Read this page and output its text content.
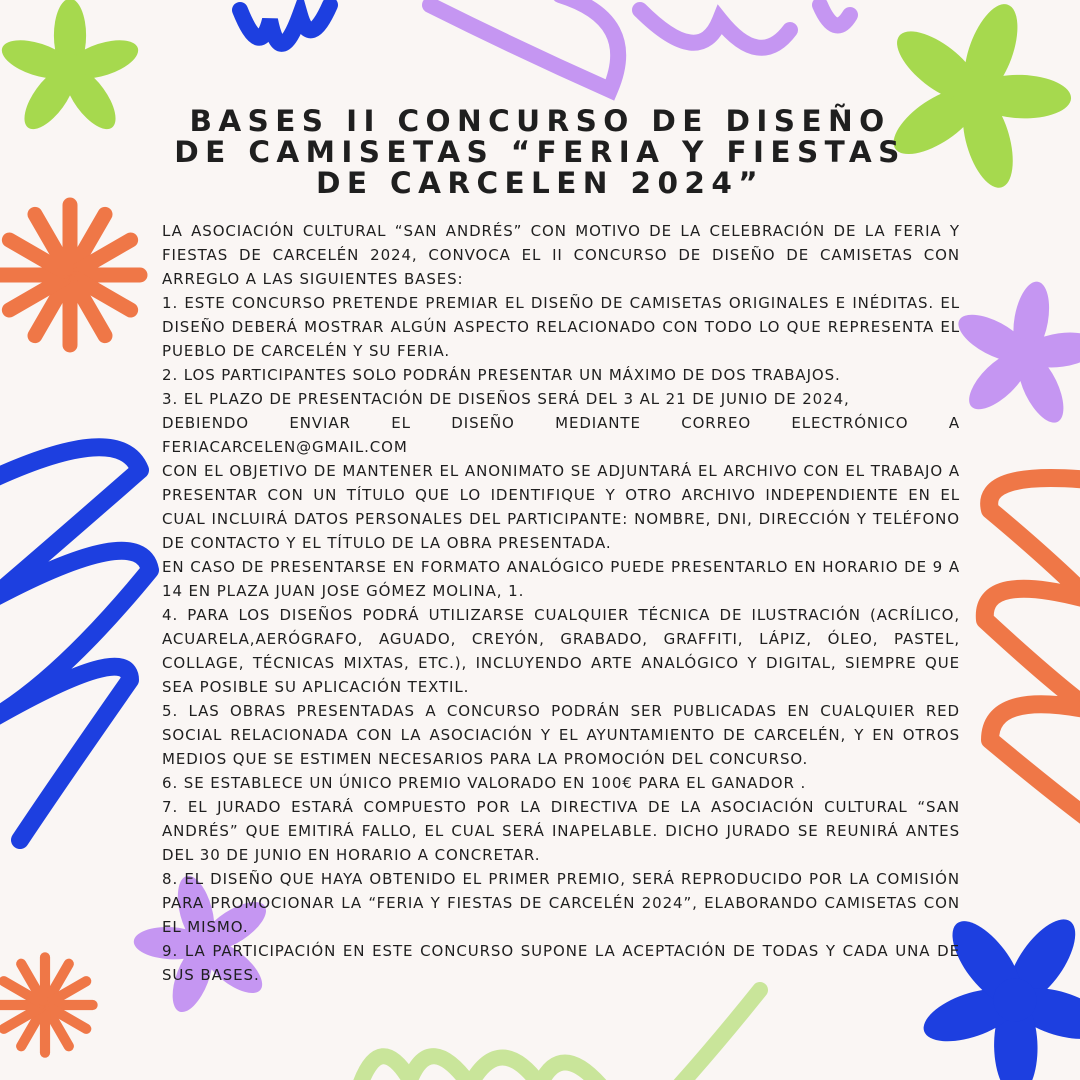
BASES II CONCURSO DE DISEÑO
DE CAMISETAS “FERIA Y FIESTAS
DE CARCELEN 2024”

LA ASOCIACIÓN CULTURAL “SAN ANDRÉS” CON MOTIVO DE LA CELEBRACIÓN DE LA FERIA Y FIESTAS DE CARCELÉN 2024, CONVOCA EL II CONCURSO DE DISEÑO DE CAMISETAS CON ARREGLO A LAS SIGUIENTES BASES:

1. ESTE CONCURSO PRETENDE PREMIAR EL DISEÑO DE CAMISETAS ORIGINALES E INÉDITAS. EL DISEÑO DEBERÁ MOSTRAR ALGÚN ASPECTO RELACIONADO CON TODO LO QUE REPRESENTA EL PUEBLO DE CARCELÉN Y SU FERIA.

2. LOS PARTICIPANTES SOLO PODRÁN PRESENTAR UN MÁXIMO DE DOS TRABAJOS.

3. EL PLAZO DE PRESENTACIÓN DE DISEÑOS SERÁ DEL 3 AL 21 DE JUNIO DE 2024,

DEBIENDO ENVIAR EL DISEÑO MEDIANTE CORREO ELECTRÓNICO A FERIACARCELEN@GMAIL.COM

CON EL OBJETIVO DE MANTENER EL ANONIMATO SE ADJUNTARÁ EL ARCHIVO CON EL TRABAJO A PRESENTAR CON UN TÍTULO QUE LO IDENTIFIQUE Y OTRO ARCHIVO INDEPENDIENTE EN EL CUAL INCLUIRÁ DATOS PERSONALES DEL PARTICIPANTE: NOMBRE, DNI, DIRECCIÓN Y TELÉFONO DE CONTACTO Y EL TÍTULO DE LA OBRA PRESENTADA.

EN CASO DE PRESENTARSE EN FORMATO ANALÓGICO PUEDE PRESENTARLO EN HORARIO DE 9 A 14 EN PLAZA JUAN JOSE GÓMEZ MOLINA, 1.

4. PARA LOS DISEÑOS PODRÁ UTILIZARSE CUALQUIER TÉCNICA DE ILUSTRACIÓN (ACRÍLICO, ACUARELA,AERÓGRAFO, AGUADO, CREYÓN, GRABADO, GRAFFITI, LÁPIZ, ÓLEO, PASTEL, COLLAGE, TÉCNICAS MIXTAS, ETC.), INCLUYENDO ARTE ANALÓGICO Y DIGITAL, SIEMPRE QUE SEA POSIBLE SU APLICACIÓN TEXTIL.

5. LAS OBRAS PRESENTADAS A CONCURSO PODRÁN SER PUBLICADAS EN CUALQUIER RED SOCIAL RELACIONADA CON LA ASOCIACIÓN Y EL AYUNTAMIENTO DE CARCELÉN, Y EN OTROS MEDIOS QUE SE ESTIMEN NECESARIOS PARA LA PROMOCIÓN DEL CONCURSO.

6. SE ESTABLECE UN ÚNICO PREMIO VALORADO EN 100€ PARA EL GANADOR .

7. EL JURADO ESTARÁ COMPUESTO POR LA DIRECTIVA DE LA ASOCIACIÓN CULTURAL “SAN ANDRÉS” QUE EMITIRÁ FALLO, EL CUAL SERÁ INAPELABLE. DICHO JURADO SE REUNIRÁ ANTES DEL 30 DE JUNIO EN HORARIO A CONCRETAR.

8. EL DISEÑO QUE HAYA OBTENIDO EL PRIMER PREMIO, SERÁ REPRODUCIDO POR LA COMISIÓN PARA PROMOCIONAR LA “FERIA Y FIESTAS DE CARCELÉN 2024”, ELABORANDO CAMISETAS CON EL MISMO.

9. LA PARTICIPACIÓN EN ESTE CONCURSO SUPONE LA ACEPTACIÓN DE TODAS Y CADA UNA DE SUS BASES.
